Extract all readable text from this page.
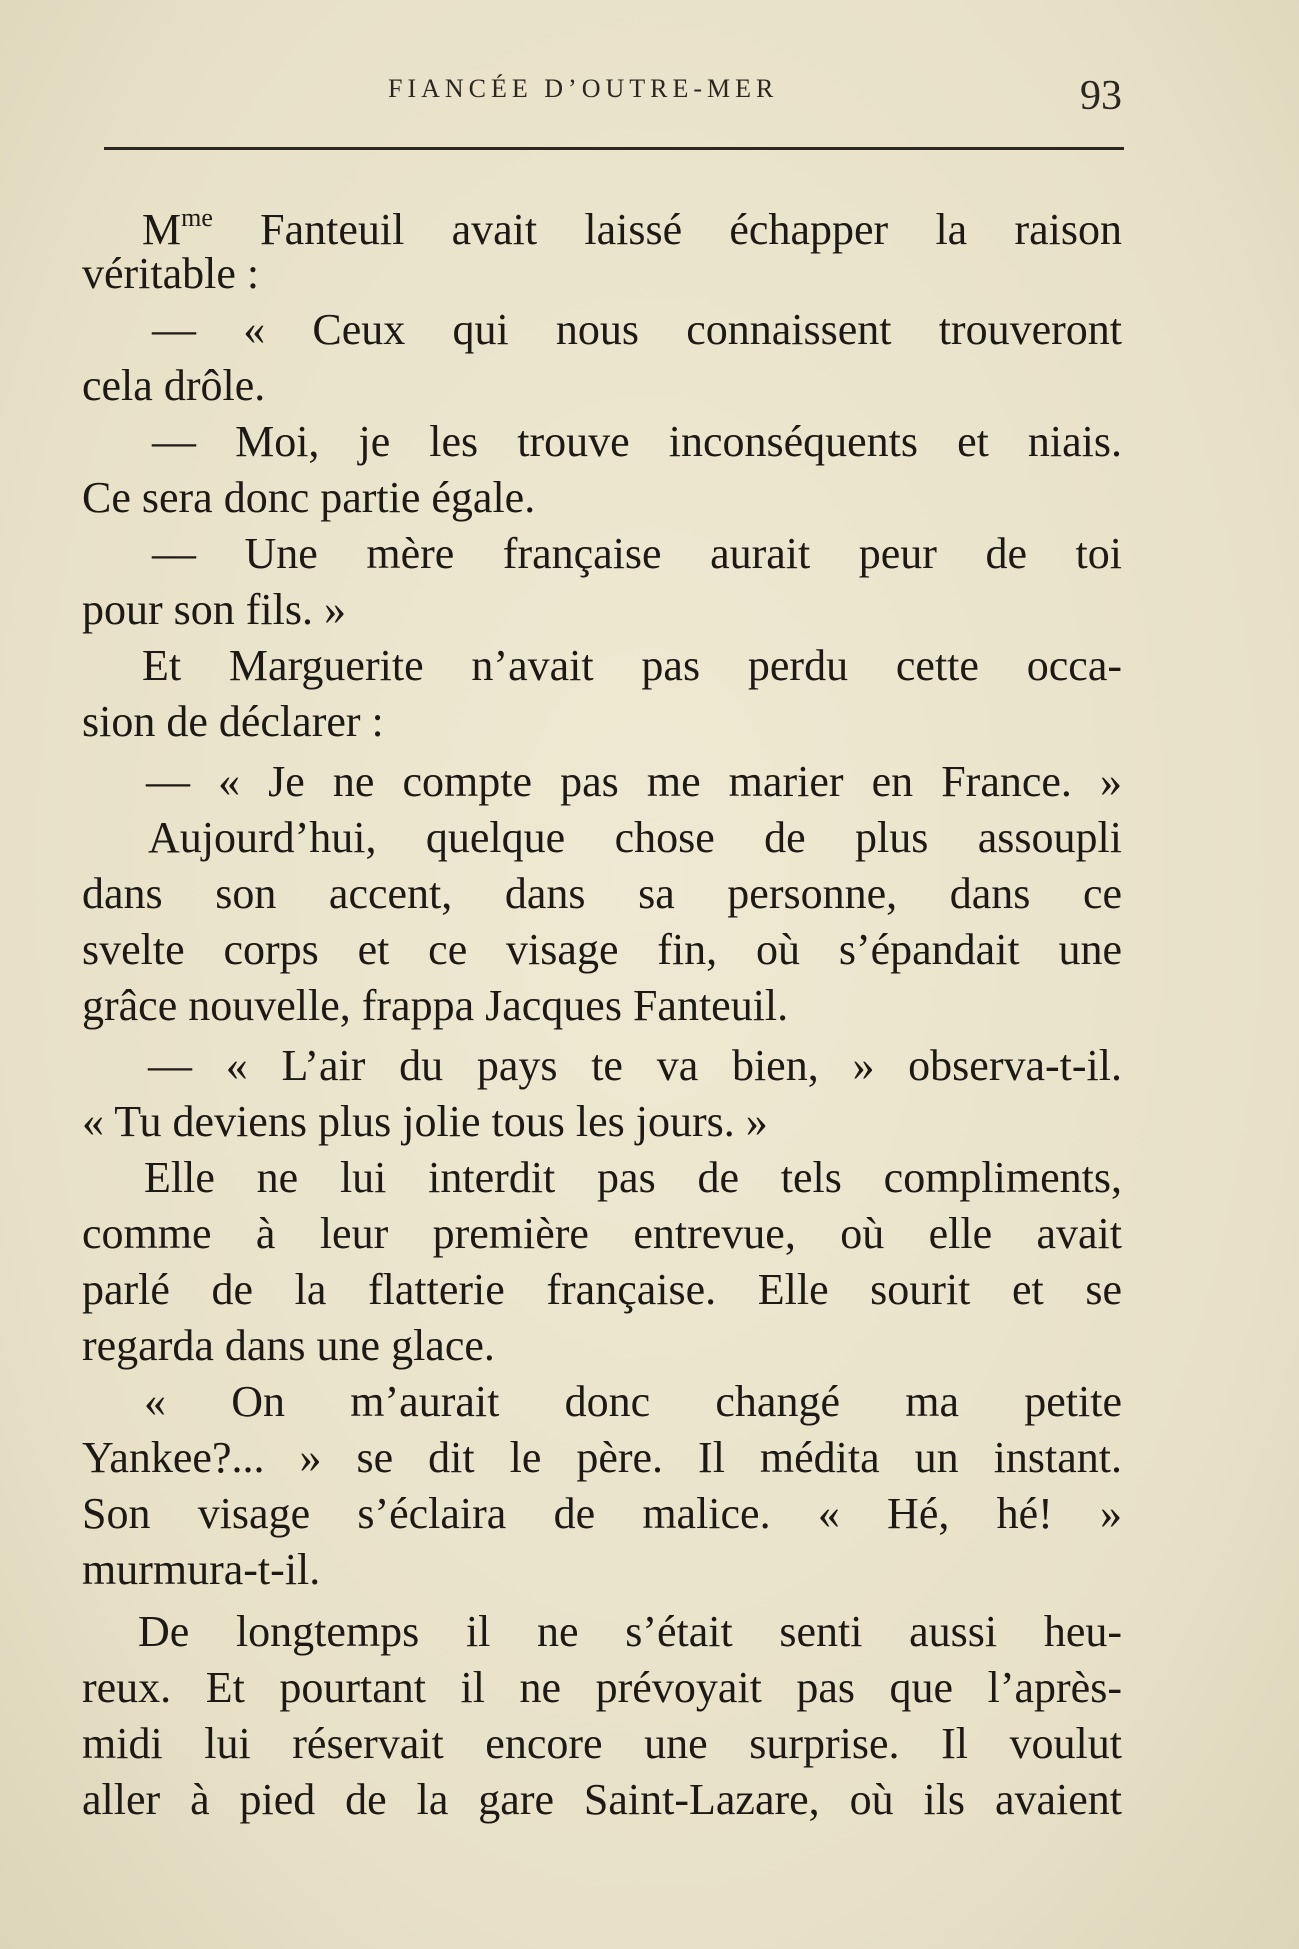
FIANCÉE D’OUTRE-MER	93
$M^{me}$ Fanteuil avait laissé échapper la raison
véritable :
— « Ceux qui nous connaissent trouveront
cela drôle.
— Moi, je les trouve inconséquents et niais.
Ce sera donc partie égale.
— Une mère française aurait peur de toi
pour son fils. »
Et Marguerite n’avait pas perdu cette occa-
sion de déclarer :
— « Je ne compte pas me marier en France. »
Aujourd’hui, quelque chose de plus assoupli
dans son accent, dans sa personne, dans ce
svelte corps et ce visage fin, où s’épandait une
grâce nouvelle, frappa Jacques Fanteuil.
— « L’air du pays te va bien, » observa-t-il.
« Tu deviens plus jolie tous les jours. »
Elle ne lui interdit pas de tels compliments,
comme à leur première entrevue, où elle avait
parlé de la flatterie française. Elle sourit et se
regarda dans une glace.
« On m’aurait donc changé ma petite
Yankee?... » se dit le père. Il médita un instant.
Son visage s’éclaira de malice. « Hé, hé! »
murmura-t-il.
De longtemps il ne s’était senti aussi heu-
reux. Et pourtant il ne prévoyait pas que l’après-
midi lui réservait encore une surprise. Il voulut
aller à pied de la gare Saint-Lazare, où ils avaient
